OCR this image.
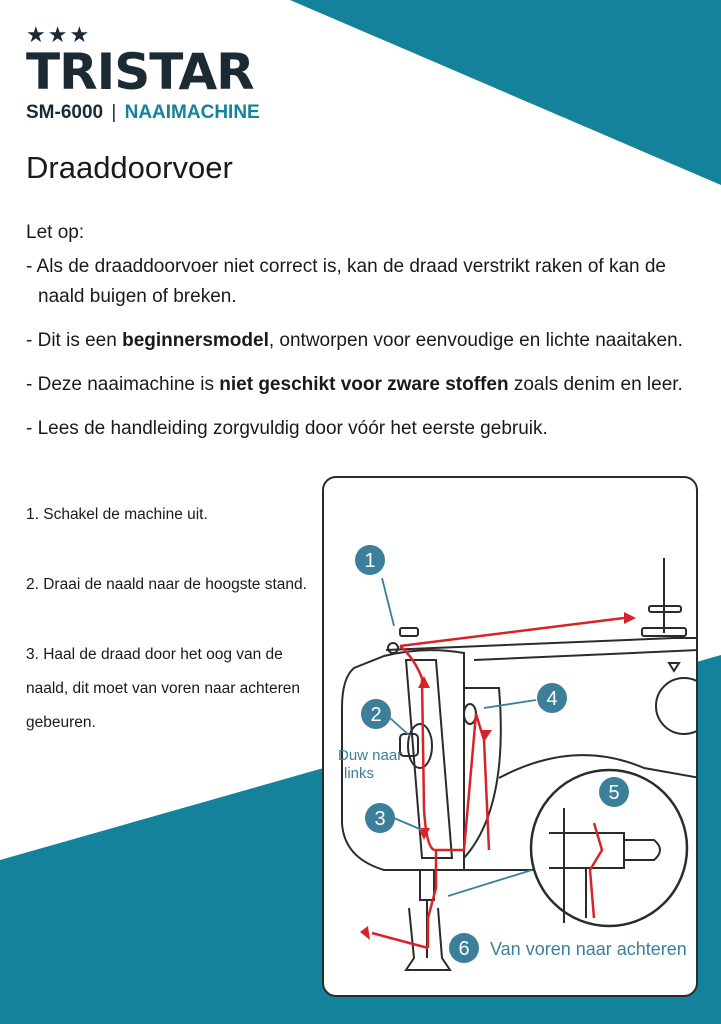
★★★
TRISTAR
SM-6000 | NAAIMACHINE
Draaddoorvoer

Let op:

- Als de draaddoorvoer niet correct is, kan de draad verstrikt raken of kan de naald buigen of breken.
- Dit is een beginnersmodel, ontworpen voor eenvoudige en lichte naaitaken.
- Deze naaimachine is niet geschikt voor zware stoffen zoals denim en leer.
- Lees de handleiding zorgvuldig door vóór het eerste gebruik.

1. Schakel de machine uit.

2. Draai de naald naar de hoogste stand.

3. Haal de draad door het oog van de naald, dit moet van voren naar achteren gebeuren.

1
2
3
4
5
6
Duw naar
links
Van voren naar achteren
